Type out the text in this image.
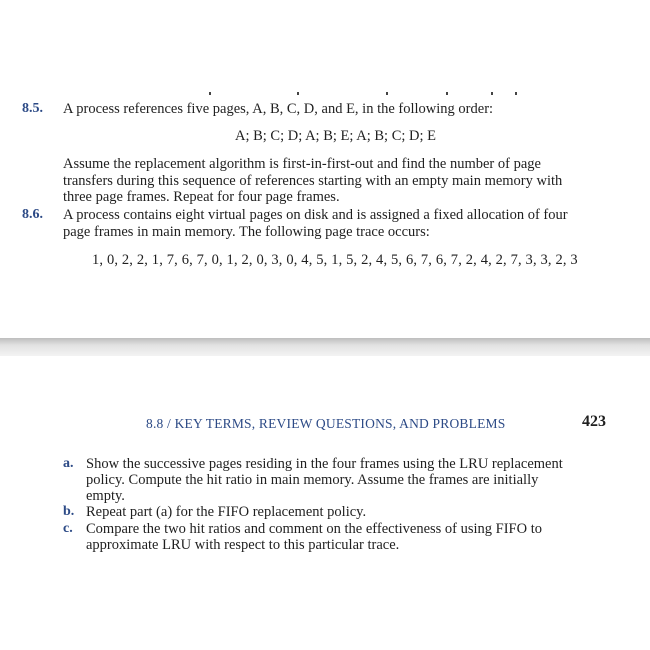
8.5. A process references five pages, A, B, C, D, and E, in the following order:
A; B; C; D; A; B; E; A; B; C; D; E
Assume the replacement algorithm is first-in-first-out and find the number of page
transfers during this sequence of references starting with an empty main memory with
three page frames. Repeat for four page frames.
8.6. A process contains eight virtual pages on disk and is assigned a fixed allocation of four
page frames in main memory. The following page trace occurs:
1, 0, 2, 2, 1, 7, 6, 7, 0, 1, 2, 0, 3, 0, 4, 5, 1, 5, 2, 4, 5, 6, 7, 6, 7, 2, 4, 2, 7, 3, 3, 2, 3
8.8 / KEY TERMS, REVIEW QUESTIONS, AND PROBLEMS	423
a. Show the successive pages residing in the four frames using the LRU replacement
policy. Compute the hit ratio in main memory. Assume the frames are initially
empty.
b. Repeat part (a) for the FIFO replacement policy.
c. Compare the two hit ratios and comment on the effectiveness of using FIFO to
approximate LRU with respect to this particular trace.
